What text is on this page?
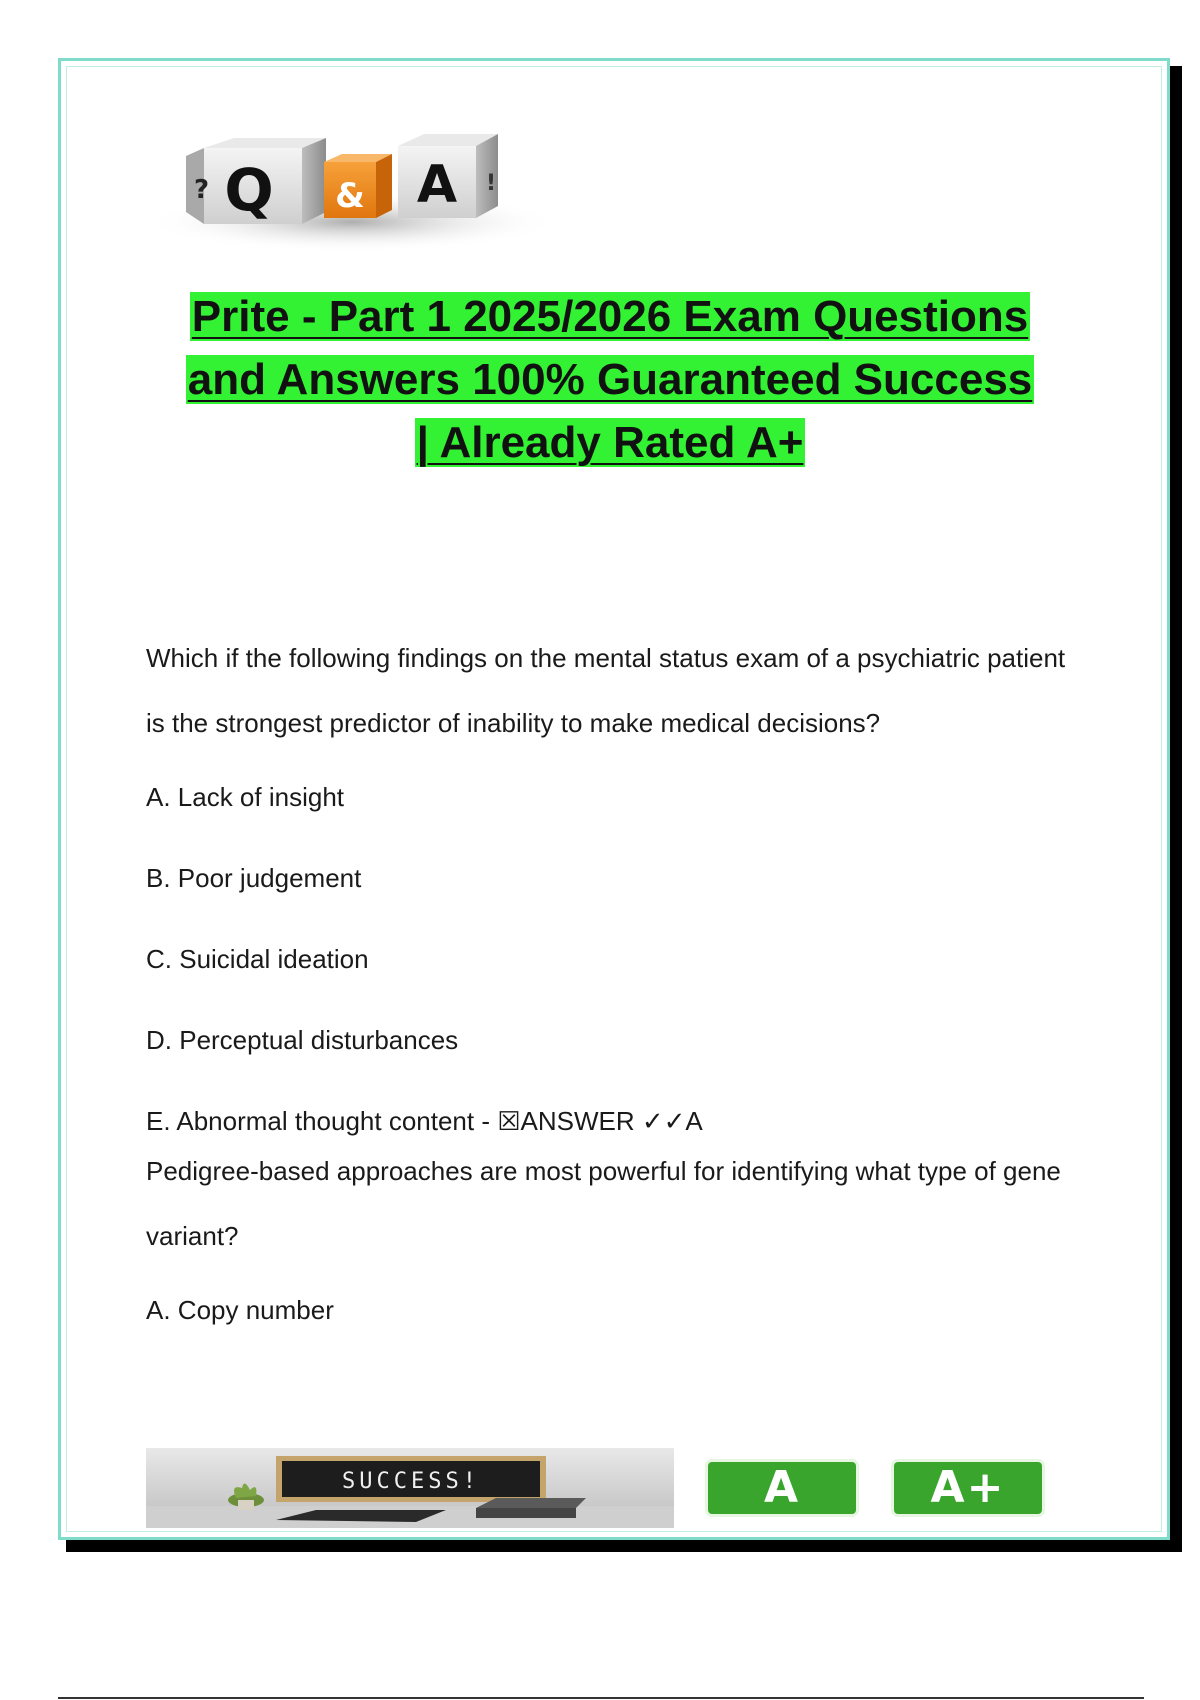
? Q & A !
Prite - Part 1 2025/2026 Exam Questions
and Answers 100% Guaranteed Success
| Already Rated A+
Which if the following findings on the mental status exam of a psychiatric patient is the strongest predictor of inability to make medical decisions?

A. Lack of insight

B. Poor judgement

C. Suicidal ideation

D. Perceptual disturbances

E. Abnormal thought content - ☒ANSWER ✓✓A

Pedigree-based approaches are most powerful for identifying what type of gene variant?

A. Copy number

SUCCESS!	A	A+
